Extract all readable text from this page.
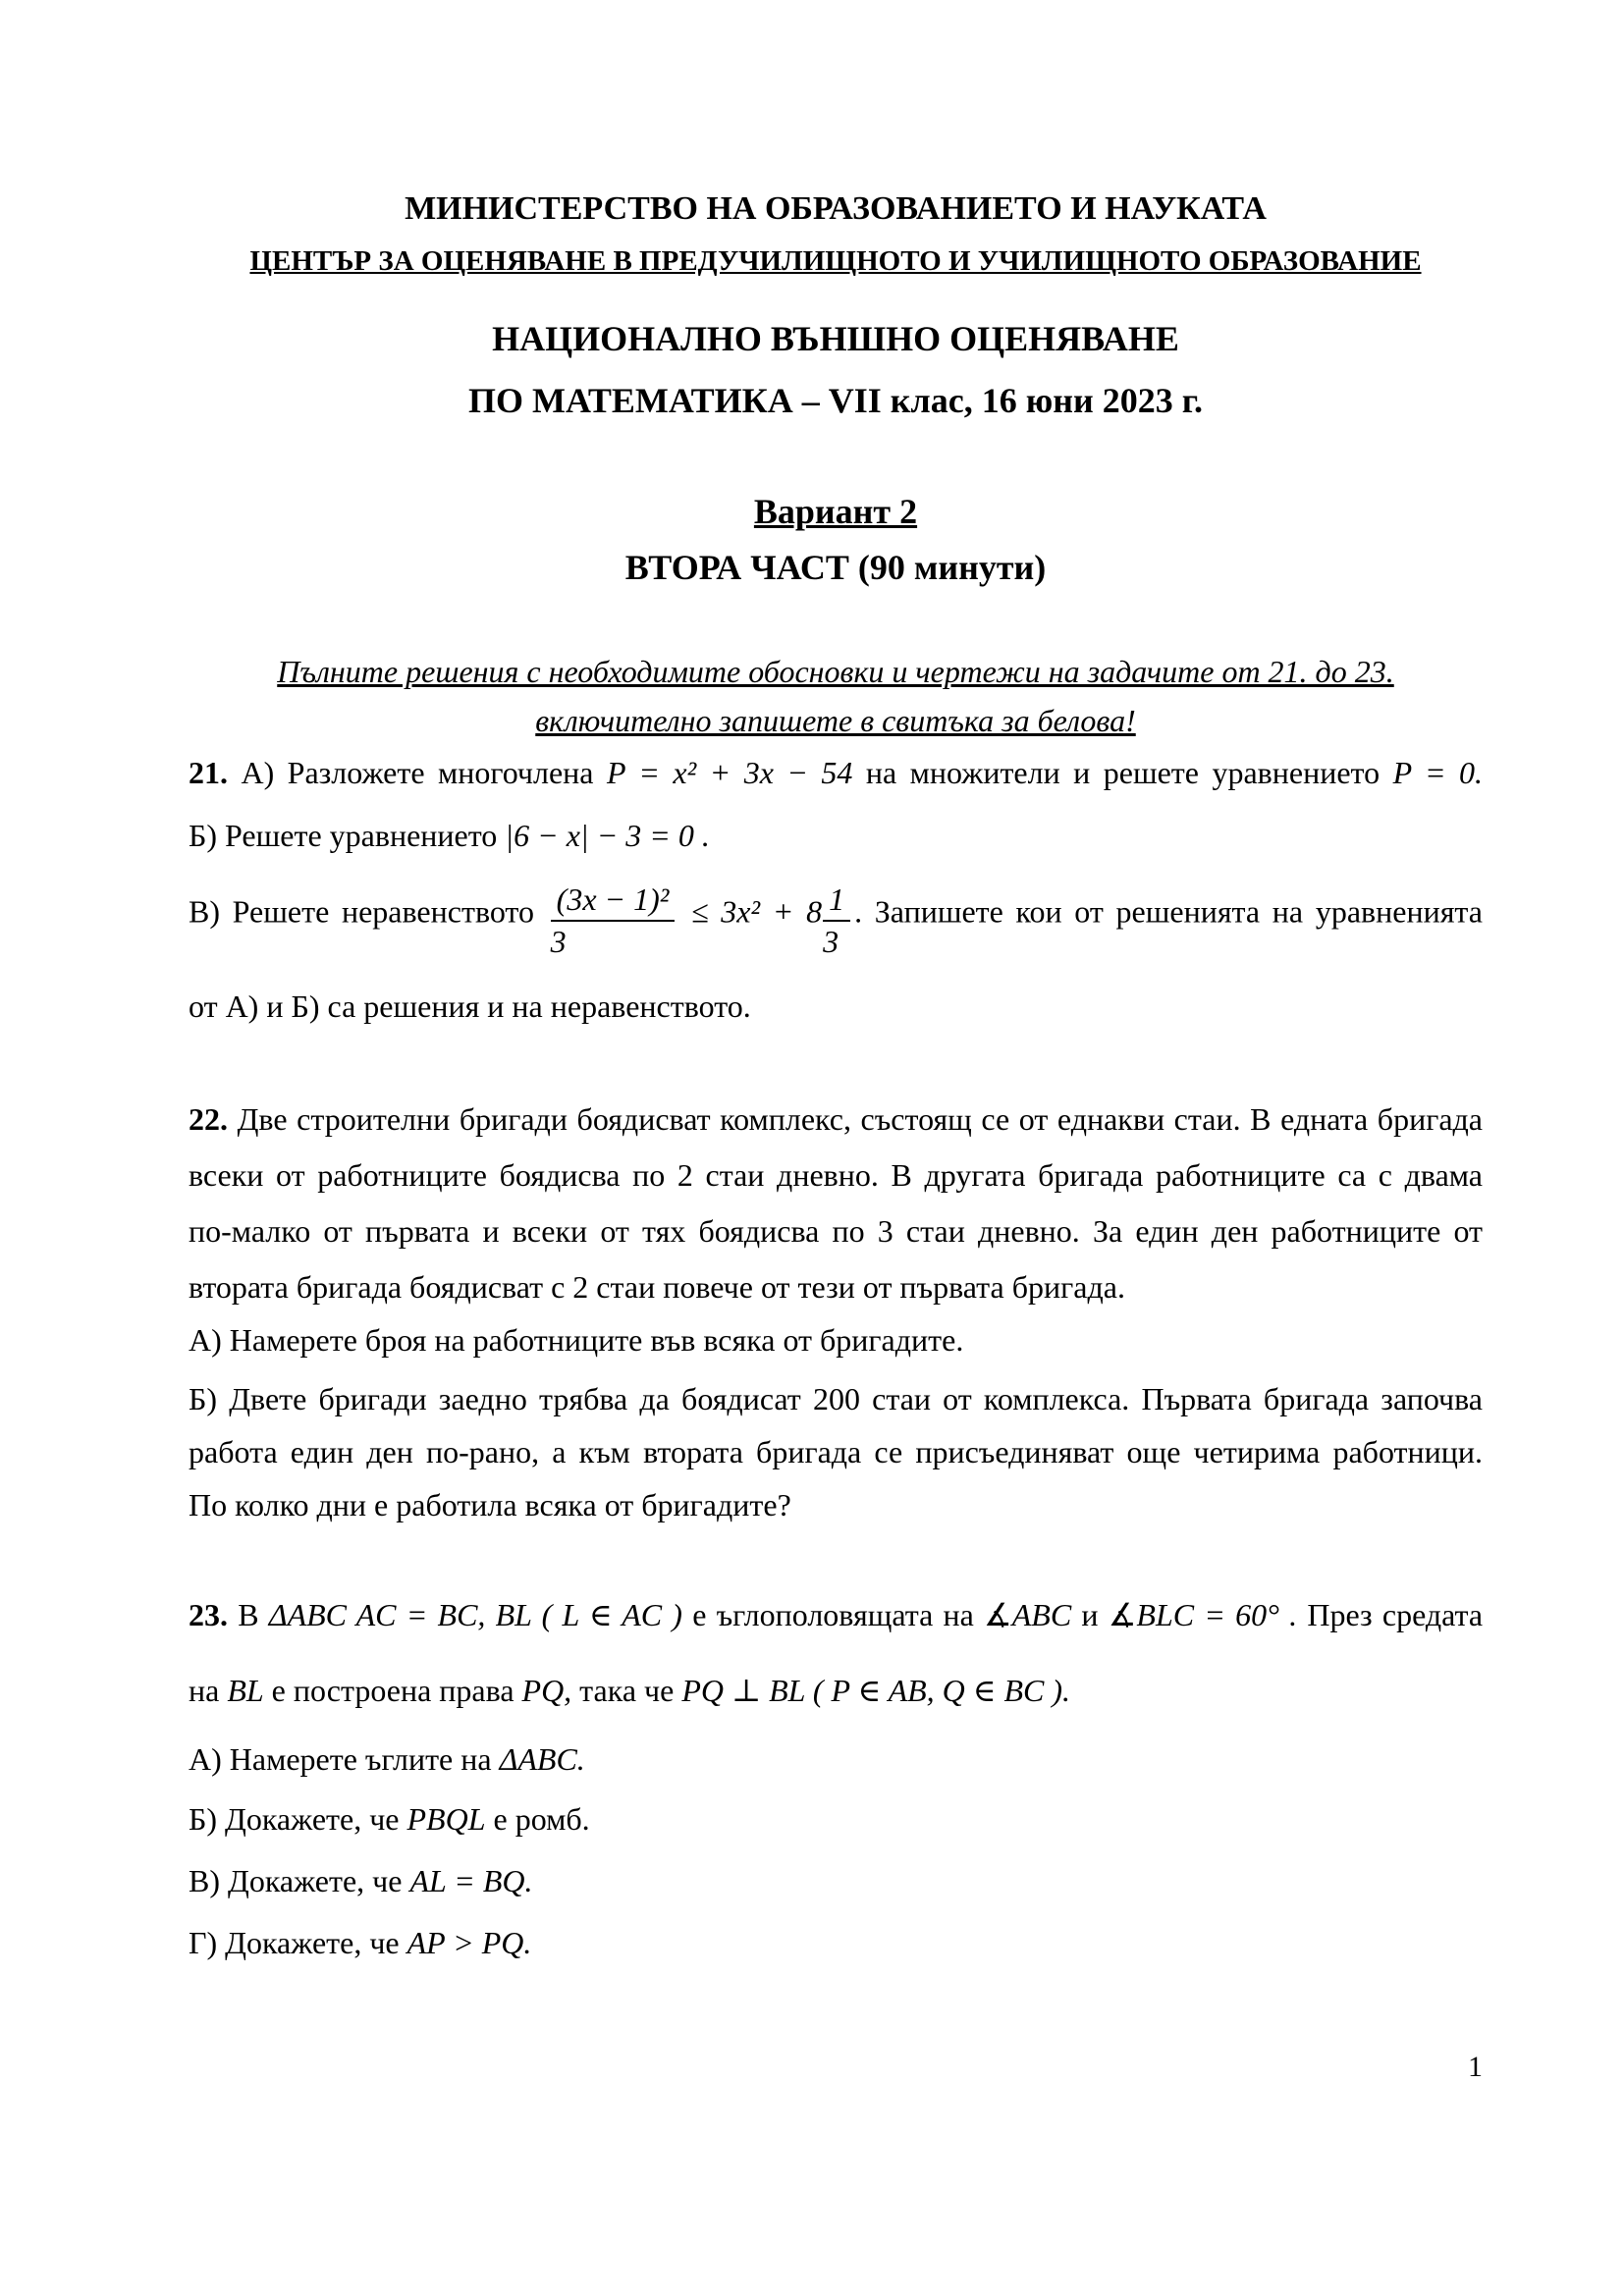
МИНИСТЕРСТВО НА ОБРАЗОВАНИЕТО И НАУКАТА
ЦЕНТЪР ЗА ОЦЕНЯВАНЕ В ПРЕДУЧИЛИЩНОТО И УЧИЛИЩНОТО ОБРАЗОВАНИЕ
НАЦИОНАЛНО ВЪНШНО ОЦЕНЯВАНЕ
ПО МАТЕМАТИКА – VII клас, 16 юни 2023 г.
Вариант 2
ВТОРА ЧАСТ (90 минути)
Пълните решения с необходимите обосновки и чертежи на задачите от 21. до 23.
включително запишете в свитъка за белова!
21. А) Разложете многочлена P = x² + 3x − 54 на множители и решете уравнението P = 0.
Б) Решете уравнението |6 − x| − 3 = 0 .
В) Решете неравенството $\frac{\text{(3x − 1)²}}{3} \le 3x^2 + 8 \frac{1}{3}$ . Запишете кои от решенията на уравненията
от А) и Б) са решения и на неравенството.
22. Две строителни бригади боядисват комплекс, състоящ се от еднакви стаи. В едната бригада
всеки от работниците боядисва по 2 стаи дневно. В другата бригада работниците са с двама
по-малко от първата и всеки от тях боядисва по 3 стаи дневно. За един ден работниците от
втората бригада боядисват с 2 стаи повече от тези от първата бригада.
А) Намерете броя на работниците във всяка от бригадите.
Б) Двете бригади заедно трябва да боядисат 200 стаи от комплекса. Първата бригада започва
работа един ден по-рано, а към втората бригада се присъединяват още четирима работници.
По колко дни е работила всяка от бригадите?
23. В ΔABC AC = BC, BL ( L ∈ AC ) е ъглополовящата на ∡ABC и ∡BLC = 60° . През средата
на BL е построена права PQ, така че PQ ⊥ BL ( P ∈ AB, Q ∈ BC ).
А) Намерете ъглите на ΔABC.
Б) Докажете, че PBQL е ромб.
В) Докажете, че AL = BQ.
Г) Докажете, че AP > PQ.
1
